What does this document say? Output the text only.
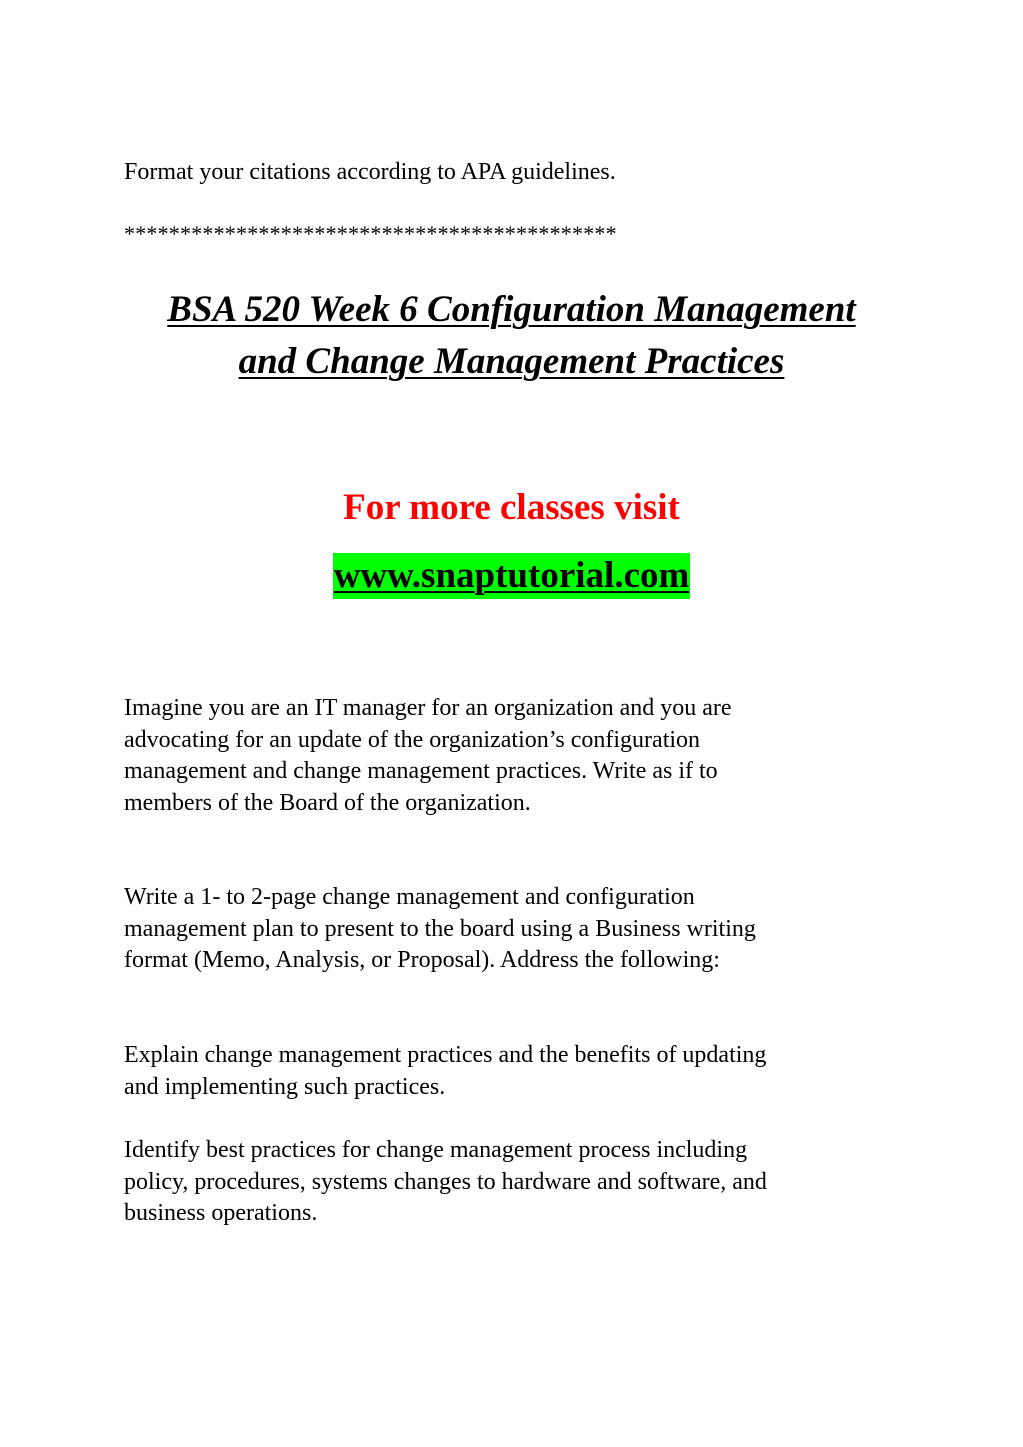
Format your citations according to APA guidelines.
********************************************
BSA 520 Week 6 Configuration Management
and Change Management Practices
For more classes visit
www.snaptutorial.com

Imagine you are an IT manager for an organization and you are
advocating for an update of the organization’s configuration
management and change management practices. Write as if to
members of the Board of the organization.

Write a 1- to 2-page change management and configuration
management plan to present to the board using a Business writing
format (Memo, Analysis, or Proposal). Address the following:

Explain change management practices and the benefits of updating
and implementing such practices.

Identify best practices for change management process including
policy, procedures, systems changes to hardware and software, and
business operations.
